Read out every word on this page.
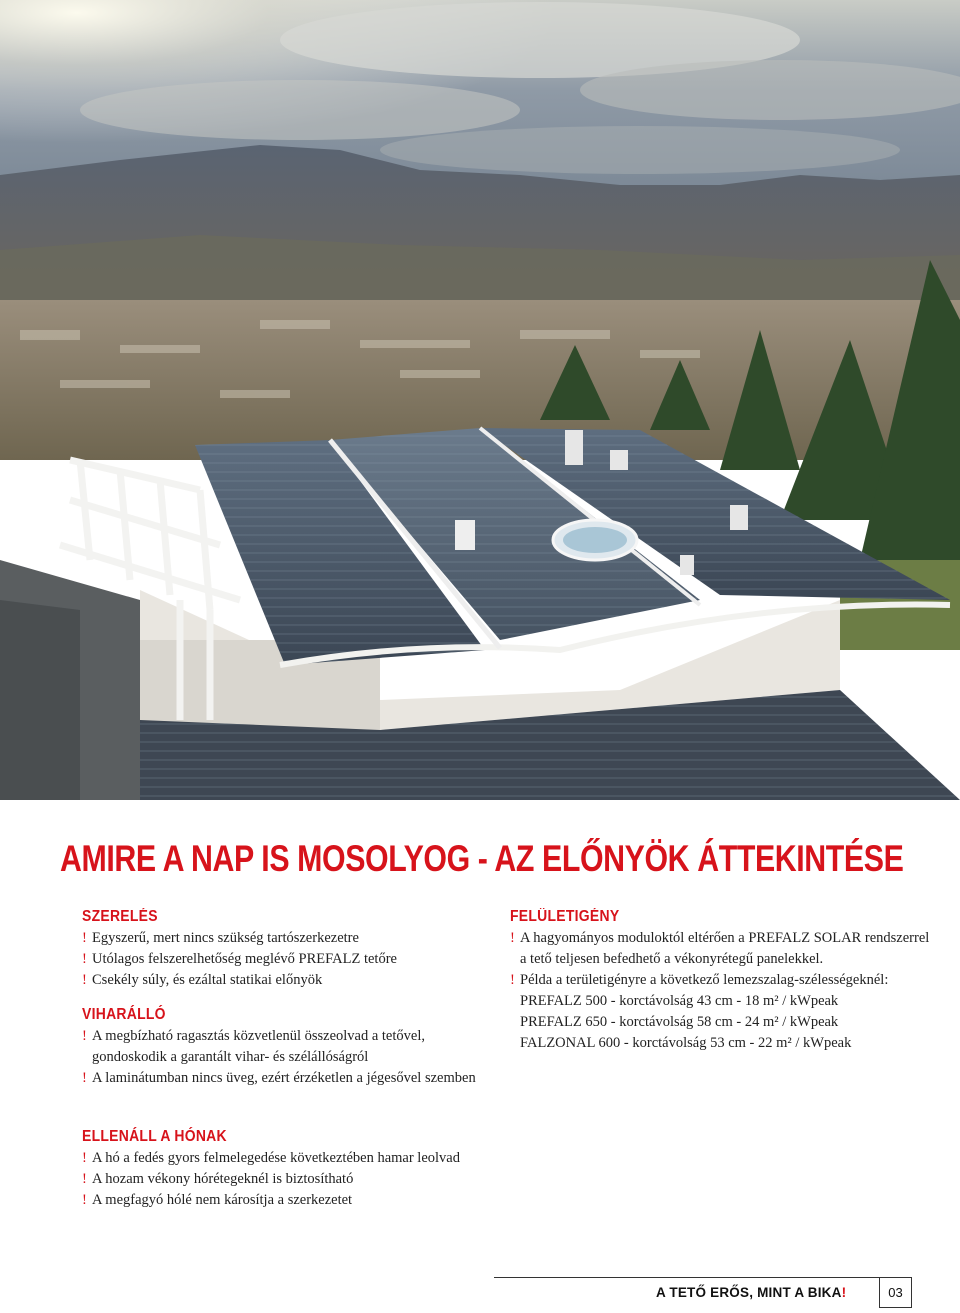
AMIRE A NAP IS MOSOLYOG - AZ ELŐNYÖK ÁTTEKINTÉSE
SZERELÉS
! Egyszerű, mert nincs szükség tartószerkezetre
! Utólagos felszerelhetőség meglévő PREFALZ tetőre
! Csekély súly, és ezáltal statikai előnyök
VIHARÁLLÓ
! A megbízható ragasztás közvetlenül összeolvad a tetővel, gondoskodik a garantált vihar- és szélállóságról
! A laminátumban nincs üveg, ezért érzéketlen a jégesővel szemben
ELLENÁLL A HÓNAK
! A hó a fedés gyors felmelegedése következtében hamar leolvad
! A hozam vékony hórétegeknél is biztosítható
! A megfagyó hólé nem károsítja a szerkezetet
FELÜLETIGÉNY
! A hagyományos moduloktól eltérően a PREFALZ SOLAR rendszerrel a tető teljesen befedhető a vékonyrétegű panelekkel.
! Példa a területigényre a következő lemezszalag-szélességeknél:
PREFALZ 500 - korctávolság 43 cm - 18 m² / kWpeak
PREFALZ 650 - korctávolság 58 cm - 24 m² / kWpeak
FALZONAL 600 - korctávolság 53 cm - 22 m² / kWpeak
A TETŐ ERŐS, MINT A BIKA!	03
